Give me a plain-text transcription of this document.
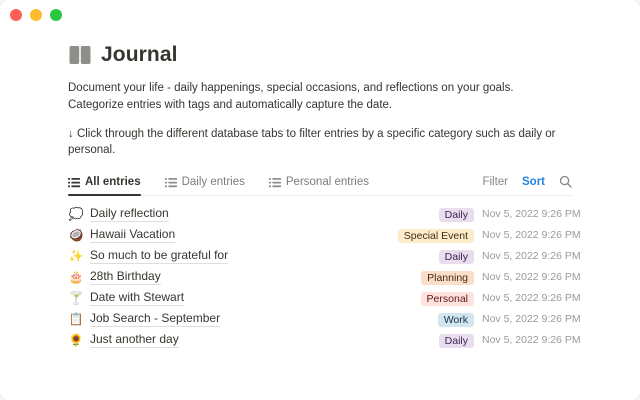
Journal
Document your life - daily happenings, special occasions, and reflections on your goals.
Categorize entries with tags and automatically capture the date.
↓ Click through the different database tabs to filter entries by a specific category such as daily or personal.
All entries	Daily entries	Personal entries	Filter Sort
💭 Daily reflection	Daily	Nov 5, 2022 9:26 PM
🥥 Hawaii Vacation	Special Event	Nov 5, 2022 9:26 PM
✨ So much to be grateful for	Daily	Nov 5, 2022 9:26 PM
🎂 28th Birthday	Planning	Nov 5, 2022 9:26 PM
🍸 Date with Stewart	Personal	Nov 5, 2022 9:26 PM
📋 Job Search - September	Work	Nov 5, 2022 9:26 PM
🌻 Just another day	Daily	Nov 5, 2022 9:26 PM
